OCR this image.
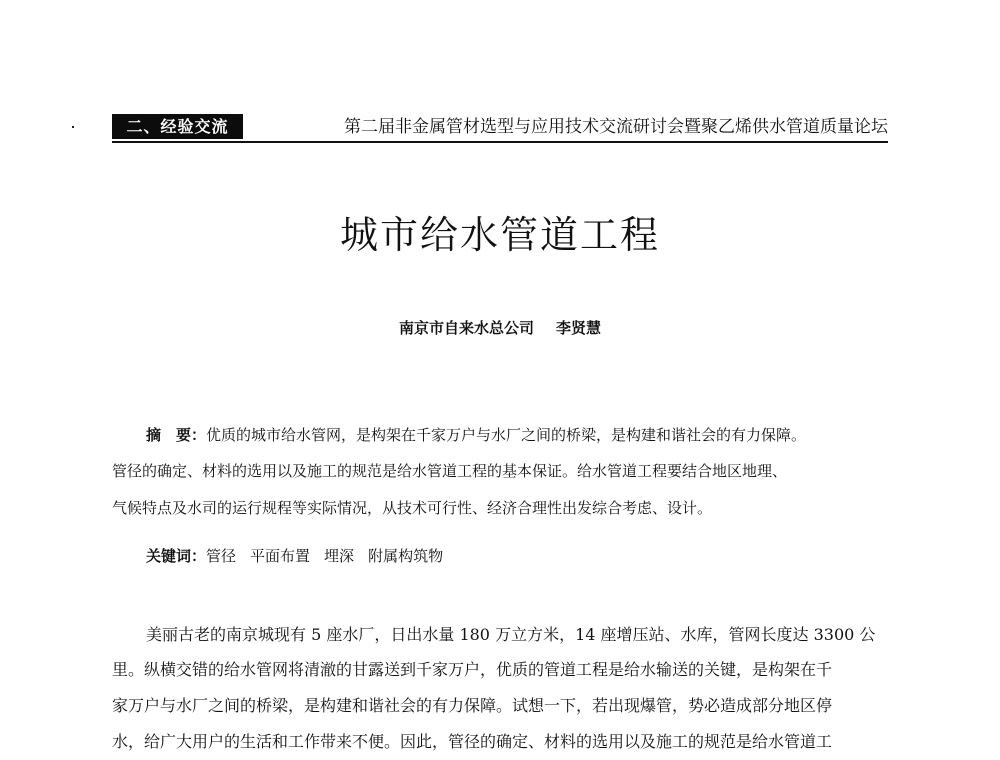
二、经验交流	第二届非金属管材选型与应用技术交流研讨会暨聚乙烯供水管道质量论坛
城市给水管道工程
南京市自来水总公司 李贤慧
摘　要：优质的城市给水管网，是构架在千家万户与水厂之间的桥梁，是构建和谐社会的有力保障。
管径的确定、材料的选用以及施工的规范是给水管道工程的基本保证。给水管道工程要结合地区地理、
气候特点及水司的运行规程等实际情况，从技术可行性、经济合理性出发综合考虑、设计。
关键词：管径 平面布置 埋深 附属构筑物
美丽古老的南京城现有 5 座水厂，日出水量 180 万立方米，14 座增压站、水库，管网长度达 3300 公
里。纵横交错的给水管网将清澈的甘露送到千家万户，优质的管道工程是给水输送的关键，是构架在千
家万户与水厂之间的桥梁，是构建和谐社会的有力保障。试想一下，若出现爆管，势必造成部分地区停
水，给广大用户的生活和工作带来不便。因此，管径的确定、材料的选用以及施工的规范是给水管道工
